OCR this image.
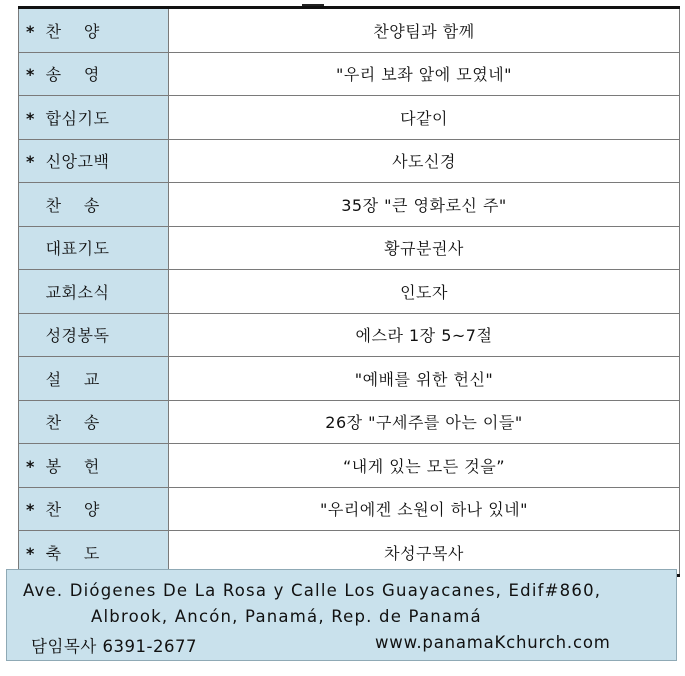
* 찬    양	찬양팀과 함께
* 송    영	"우리 보좌 앞에 모였네"
* 합심기도	다같이
* 신앙고백	사도신경
찬    송	35장 "큰 영화로신 주"
대표기도	황규분권사
교회소식	인도자
성경봉독	에스라 1장 5~7절
설    교	"예배를 위한 헌신"
찬    송	26장 "구세주를 아는 이들"
* 봉    헌	“내게 있는 모든 것을”
* 찬    양	"우리에겐 소원이 하나 있네"
* 축    도	차성구목사
Ave. Diógenes De La Rosa y Calle Los Guayacanes, Edif#860,
Albrook, Ancón, Panamá, Rep. de Panamá
담임목사 6391-2677	www.panamaKchurch.com
